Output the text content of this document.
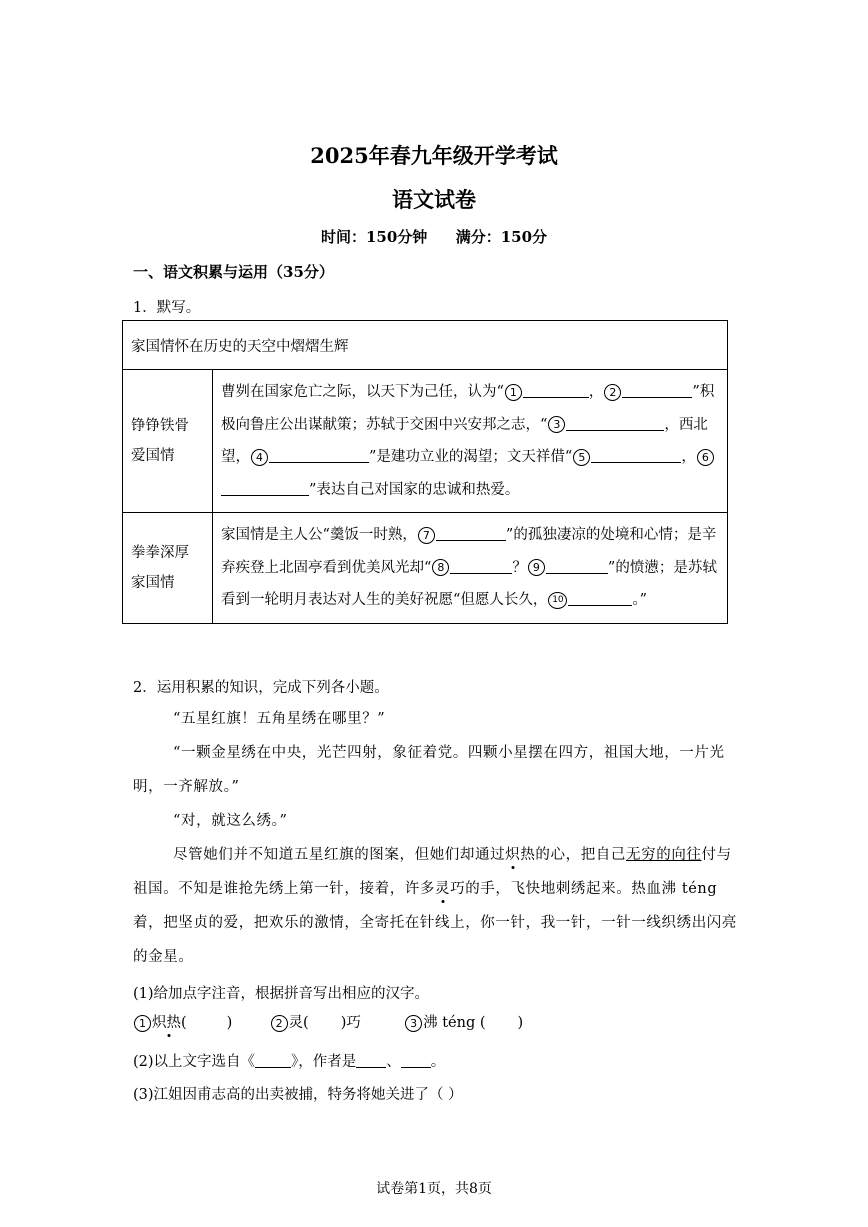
2025年春九年级开学考试
语文试卷
时间：150分钟 满分：150分
一、语文积累与运用（35分）
1．默写。
家国情怀在历史的天空中熠熠生辉	

铮铮铁骨
爱国情	曹刿在国家危亡之际，以天下为己任，认为“ 1 ， 2 ”积极向鲁庄公出谋献策；苏轼于交困中兴安邦之志，“ 3 ，西北望， 4 ”是建功立业的渴望；文天祥借“ 5 ， 6”表达自己对国家的忠诚和热爱。

拳拳深厚
家国情	家国情是主人公“羹饭一时熟， 7 ”的孤独凄凉的处境和心情；是辛弃疾登上北固亭看到优美风光却“ 8 ？ 9 ”的愤懑；是苏轼看到一轮明月表达对人生的美好祝愿“但愿人长久， 10 。”
2．运用积累的知识，完成下列各小题。
“五星红旗！五角星绣在哪里？”
“一颗金星绣在中央，光芒四射，象征着党。四颗小星摆在四方，祖国大地，一片光明，一齐解放。”
“对，就这么绣。”
尽管她们并不知道五星红旗的图案，但她们却通过炽热的心，把自己无穷的向往付与祖国。不知是谁抢先绣上第一针，接着，许多灵巧的手，飞快地刺绣起来。热血沸 téng 着，把坚贞的爱，把欢乐的激情，全寄托在针线上，你一针，我一针，一针一线织绣出闪亮的金星。
(1)给加点字注音，根据拼音写出相应的汉字。
1 炽热(	)	2 灵( )巧	3 沸 téng ( )
(2)以上文字选自《 》，作者是 、 。
(3)江姐因甫志高的出卖被捕，特务将她关进了（ ）
试卷第1页，共8页
